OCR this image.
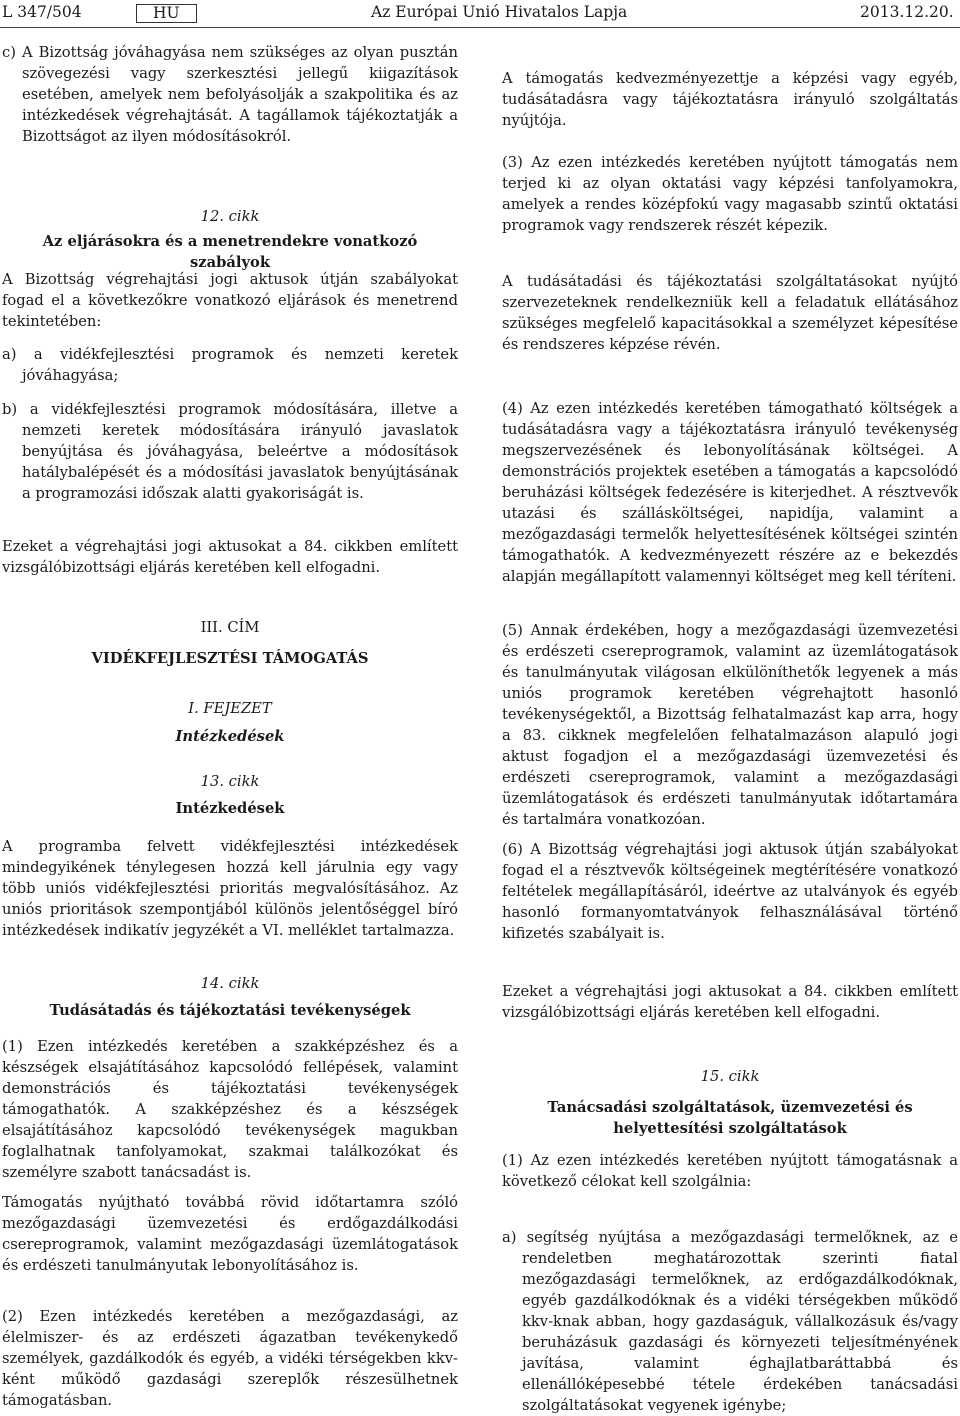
L 347/504	HU	Az Európai Unió Hivatalos Lapja	2013.12.20.

c) A Bizottság jóváhagyása nem szükséges az olyan pusztán szövegezési vagy szerkesztési jellegű kiigazítások esetében, amelyek nem befolyásolják a szakpolitika és az intézkedések végrehajtását. A tagállamok tájékoztatják a Bizottságot az ilyen módosításokról.

12. cikk

Az eljárásokra és a menetrendekre vonatkozó szabályok

A Bizottság végrehajtási jogi aktusok útján szabályokat fogad el a következőkre vonatkozó eljárások és menetrend tekintetében:

a) a vidékfejlesztési programok és nemzeti keretek jóváhagyása;

b) a vidékfejlesztési programok módosítására, illetve a nemzeti keretek módosítására irányuló javaslatok benyújtása és jóváhagyása, beleértve a módosítások hatálybalépését és a módosítási javaslatok benyújtásának a programozási időszak alatti gyakoriságát is.

Ezeket a végrehajtási jogi aktusokat a 84. cikkben említett vizsgálóbizottsági eljárás keretében kell elfogadni.

III. CÍM

VIDÉKFEJLESZTÉSI TÁMOGATÁS

I. FEJEZET

Intézkedések

13. cikk

Intézkedések

A programba felvett vidékfejlesztési intézkedések mindegyikének ténylegesen hozzá kell járulnia egy vagy több uniós vidékfejlesztési prioritás megvalósításához. Az uniós prioritások szempontjából különös jelentőséggel bíró intézkedések indikatív jegyzékét a VI. melléklet tartalmazza.

14. cikk

Tudásátadás és tájékoztatási tevékenységek

(1) Ezen intézkedés keretében a szakképzéshez és a készségek elsajátításához kapcsolódó fellépések, valamint demonstrációs és tájékoztatási tevékenységek támogathatók. A szakképzéshez és a készségek elsajátításához kapcsolódó tevékenységek magukban foglalhatnak tanfolyamokat, szakmai találkozókat és személyre szabott tanácsadást is.

Támogatás nyújtható továbbá rövid időtartamra szóló mezőgazdasági üzemvezetési és erdőgazdálkodási csereprogramok, valamint mezőgazdasági üzemlátogatások és erdészeti tanulmányutak lebonyolításához is.

(2) Ezen intézkedés keretében a mezőgazdasági, az élelmiszer- és az erdészeti ágazatban tevékenykedő személyek, gazdálkodók és egyéb, a vidéki térségekben kkv-ként működő gazdasági szereplők részesülhetnek támogatásban.

A támogatás kedvezményezettje a képzési vagy egyéb, tudásátadásra vagy tájékoztatásra irányuló szolgáltatás nyújtója.

(3) Az ezen intézkedés keretében nyújtott támogatás nem terjed ki az olyan oktatási vagy képzési tanfolyamokra, amelyek a rendes középfokú vagy magasabb szintű oktatási programok vagy rendszerek részét képezik.

A tudásátadási és tájékoztatási szolgáltatásokat nyújtó szervezeteknek rendelkezniük kell a feladatuk ellátásához szükséges megfelelő kapacitásokkal a személyzet képesítése és rendszeres képzése révén.

(4) Az ezen intézkedés keretében támogatható költségek a tudásátadásra vagy a tájékoztatásra irányuló tevékenység megszervezésének és lebonyolításának költségei. A demonstrációs projektek esetében a támogatás a kapcsolódó beruházási költségek fedezésére is kiterjedhet. A résztvevők utazási és szállásköltségei, napidíja, valamint a mezőgazdasági termelők helyettesítésének költségei szintén támogathatók. A kedvezményezett részére az e bekezdés alapján megállapított valamennyi költséget meg kell téríteni.

(5) Annak érdekében, hogy a mezőgazdasági üzemvezetési és erdészeti csereprogramok, valamint az üzemlátogatások és tanulmányutak világosan elkülöníthetők legyenek a más uniós programok keretében végrehajtott hasonló tevékenységektől, a Bizottság felhatalmazást kap arra, hogy a 83. cikknek megfelelően felhatalmazáson alapuló jogi aktust fogadjon el a mezőgazdasági üzemvezetési és erdészeti csereprogramok, valamint a mezőgazdasági üzemlátogatások és erdészeti tanulmányutak időtartamára és tartalmára vonatkozóan.

(6) A Bizottság végrehajtási jogi aktusok útján szabályokat fogad el a résztvevők költségeinek megtérítésére vonatkozó feltételek megállapításáról, ideértve az utalványok és egyéb hasonló formanyomtatványok felhasználásával történő kifizetés szabályait is.

Ezeket a végrehajtási jogi aktusokat a 84. cikkben említett vizsgálóbizottsági eljárás keretében kell elfogadni.

15. cikk

Tanácsadási szolgáltatások, üzemvezetési és helyettesítési szolgáltatások

(1) Az ezen intézkedés keretében nyújtott támogatásnak a következő célokat kell szolgálnia:

a) segítség nyújtása a mezőgazdasági termelőknek, az e rendeletben meghatározottak szerinti fiatal mezőgazdasági termelőknek, az erdőgazdálkodóknak, egyéb gazdálkodóknak és a vidéki térségekben működő kkv-knak abban, hogy gazdaságuk, vállalkozásuk és/vagy beruházásuk gazdasági és környezeti teljesítményének javítása, valamint éghajlatbaráttabbá és ellenállóképesebbé tétele érdekében tanácsadási szolgáltatásokat vegyenek igénybe;
